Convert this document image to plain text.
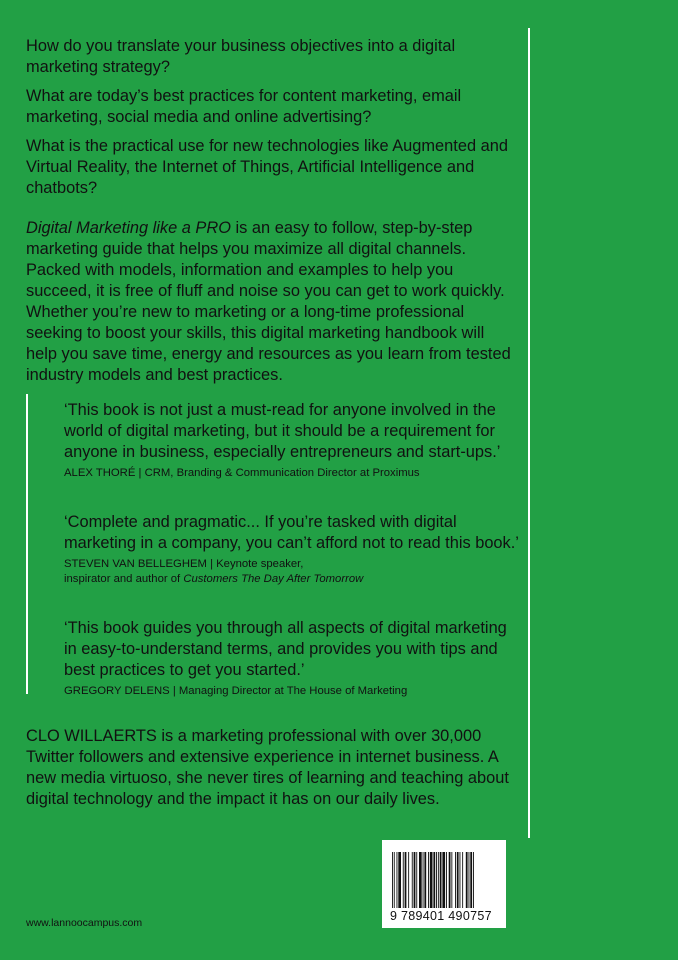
How do you translate your business objectives into a digital marketing strategy?

What are today’s best practices for content marketing, email marketing, social media and online advertising?

What is the practical use for new technologies like Augmented and Virtual Reality, the Internet of Things, Artificial Intelligence and chatbots?

Digital Marketing like a PRO is an easy to follow, step-by-step marketing guide that helps you maximize all digital channels. Packed with models, information and examples to help you succeed, it is free of fluff and noise so you can get to work quickly. Whether you’re new to marketing or a long-time professional seeking to boost your skills, this digital marketing handbook will help you save time, energy and resources as you learn from tested industry models and best practices.

‘This book is not just a must-read for anyone involved in the world of digital marketing, but it should be a requirement for anyone in business, especially entrepreneurs and start-ups.’

ALEX THORÉ | CRM, Branding & Communication Director at Proximus

‘Complete and pragmatic... If you’re tasked with digital marketing in a company, you can’t afford not to read this book.’

STEVEN VAN BELLEGHEM | Keynote speaker,
inspirator and author of Customers The Day After Tomorrow

‘This book guides you through all aspects of digital marketing in easy-to-understand terms, and provides you with tips and best practices to get you started.’

GREGORY DELENS | Managing Director at The House of Marketing
CLO WILLAERTS is a marketing professional with over 30,000 Twitter followers and extensive experience in internet business. A new media virtuoso, she never tires of learning and teaching about digital technology and the impact it has on our daily lives.
www.lannoocampus.com	9 789401 490757
